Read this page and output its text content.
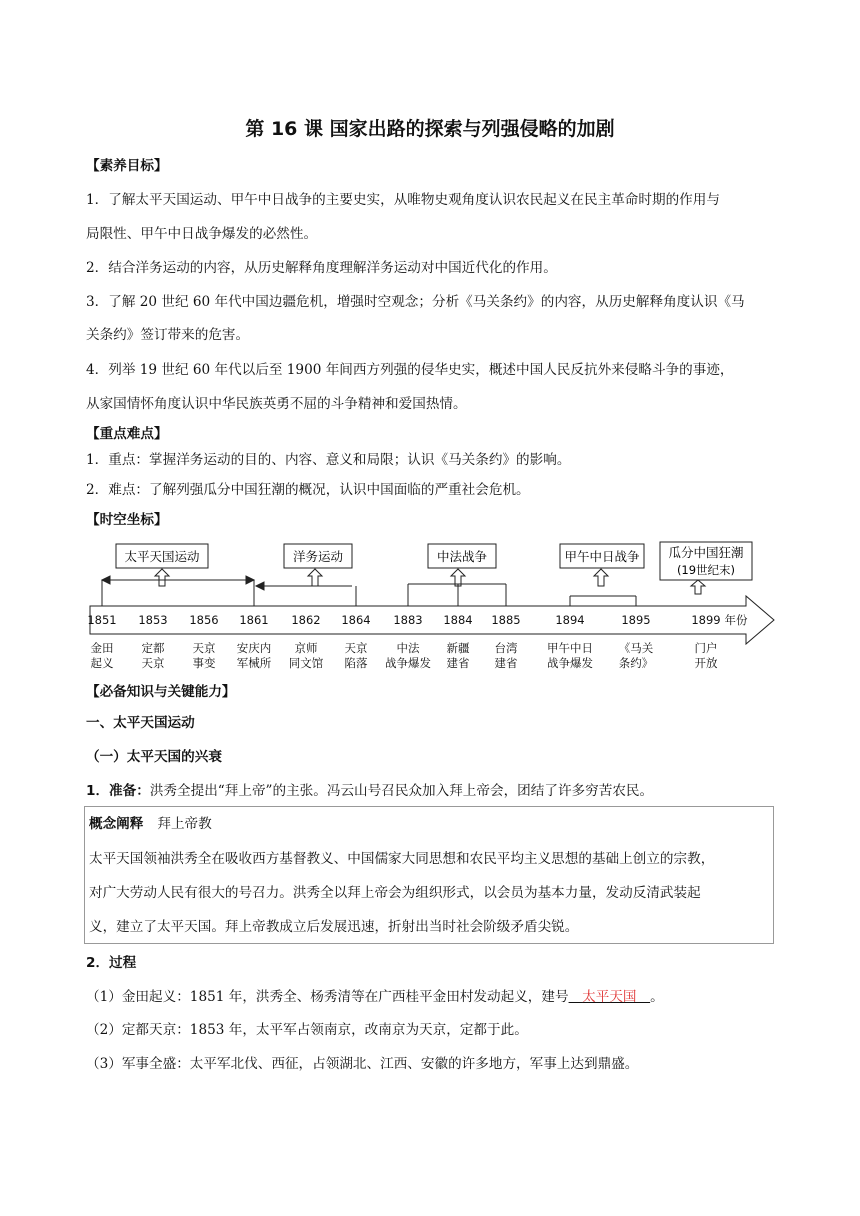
第 16 课 国家出路的探索与列强侵略的加剧
【素养目标】
1．了解太平天国运动、甲午中日战争的主要史实，从唯物史观角度认识农民起义在民主革命时期的作用与
局限性、甲午中日战争爆发的必然性。
2．结合洋务运动的内容，从历史解释角度理解洋务运动对中国近代化的作用。
3．了解 20 世纪 60 年代中国边疆危机，增强时空观念；分析《马关条约》的内容，从历史解释角度认识《马
关条约》签订带来的危害。
4．列举 19 世纪 60 年代以后至 1900 年间西方列强的侵华史实，概述中国人民反抗外来侵略斗争的事迹，
从家国情怀角度认识中华民族英勇不屈的斗争精神和爱国热情。
【重点难点】
1．重点：掌握洋务运动的目的、内容、意义和局限；认识《马关条约》的影响。
2．难点：了解列强瓜分中国狂潮的概况，认识中国面临的严重社会危机。
【时空坐标】
太平天国运动	洋务运动	中法战争	甲午中日战争 瓜分中国狂潮
(19世纪末)
1851 1853 1856 1861 1862 1864 1883 1884 1885	1894	1895	1899 年份
金田
起义
定都
天京
天京
事变
安庆内
军械所
京师
同文馆
天京
陷落
中法
战争爆发
新疆
建省
台湾
建省
甲午中日
战争爆发
《马关
条约》
门户
开放
【必备知识与关键能力】
一、太平天国运动
（一）太平天国的兴衰
1．准备：洪秀全提出“拜上帝”的主张。冯云山号召民众加入拜上帝会，团结了许多穷苦农民。
概念阐释 拜上帝教
太平天国领袖洪秀全在吸收西方基督教义、中国儒家大同思想和农民平均主义思想的基础上创立的宗教，
对广大劳动人民有很大的号召力。洪秀全以拜上帝会为组织形式，以会员为基本力量，发动反清武装起
义，建立了太平天国。拜上帝教成立后发展迅速，折射出当时社会阶级矛盾尖锐。
2．过程
（1）金田起义：1851 年，洪秀全、杨秀清等在广西桂平金田村发动起义，建号　太平天国　。
（2）定都天京：1853 年，太平军占领南京，改南京为天京，定都于此。
（3）军事全盛：太平军北伐、西征，占领湖北、江西、安徽的许多地方，军事上达到鼎盛。
